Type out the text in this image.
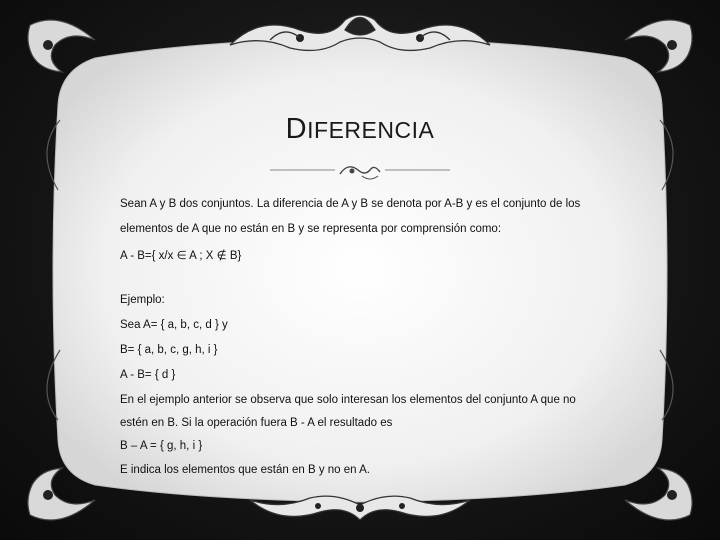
DIFERENCIA
Sean A y B dos conjuntos. La diferencia de A y B se denota por A-B y es el conjunto de los
elementos de A que no están en B y se representa por comprensión como:
A - B={ x/x ∈ A ; X ∉ B}
Ejemplo:
Sea A= { a, b, c, d } y
B= { a, b, c, g, h, i }
A - B= { d }
En el ejemplo anterior se observa que solo interesan los elementos del conjunto A que no
estén en B. Si la operación fuera B - A el resultado es
B – A = { g, h, i }
E indica los elementos que están en B y no en A.
